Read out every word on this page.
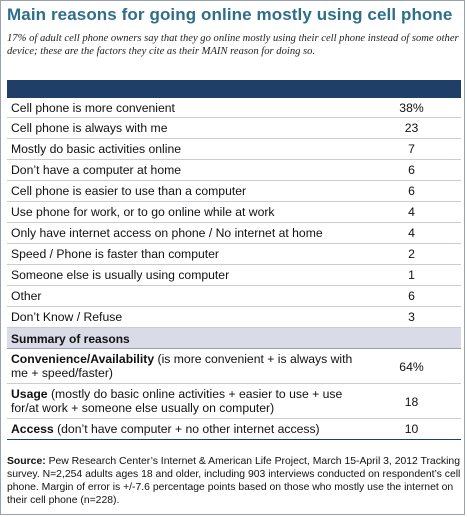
Main reasons for going online mostly using cell phone
17% of adult cell phone owners say that they go online mostly using their cell phone instead of some other device; these are the factors they cite as their MAIN reason for doing so.
Cell phone is more convenient	38%
Cell phone is always with me	23
Mostly do basic activities online	7
Don’t have a computer at home	6
Cell phone is easier to use than a computer	6
Use phone for work, or to go online while at work	4
Only have internet access on phone / No internet at home	4
Speed / Phone is faster than computer	2
Someone else is usually using computer	1
Other	6
Don’t Know / Refuse	3
Summary of reasons
Convenience/Availability (is more convenient + is always with me + speed/faster)	64%
Usage (mostly do basic online activities + easier to use + use for/at work + someone else usually on computer)	18
Access (don’t have computer + no other internet access)	10
Source: Pew Research Center’s Internet & American Life Project, March 15-April 3, 2012 Tracking survey. N=2,254 adults ages 18 and older, including 903 interviews conducted on respondent’s cell phone. Margin of error is +/-7.6 percentage points based on those who mostly use the internet on their cell phone (n=228).
